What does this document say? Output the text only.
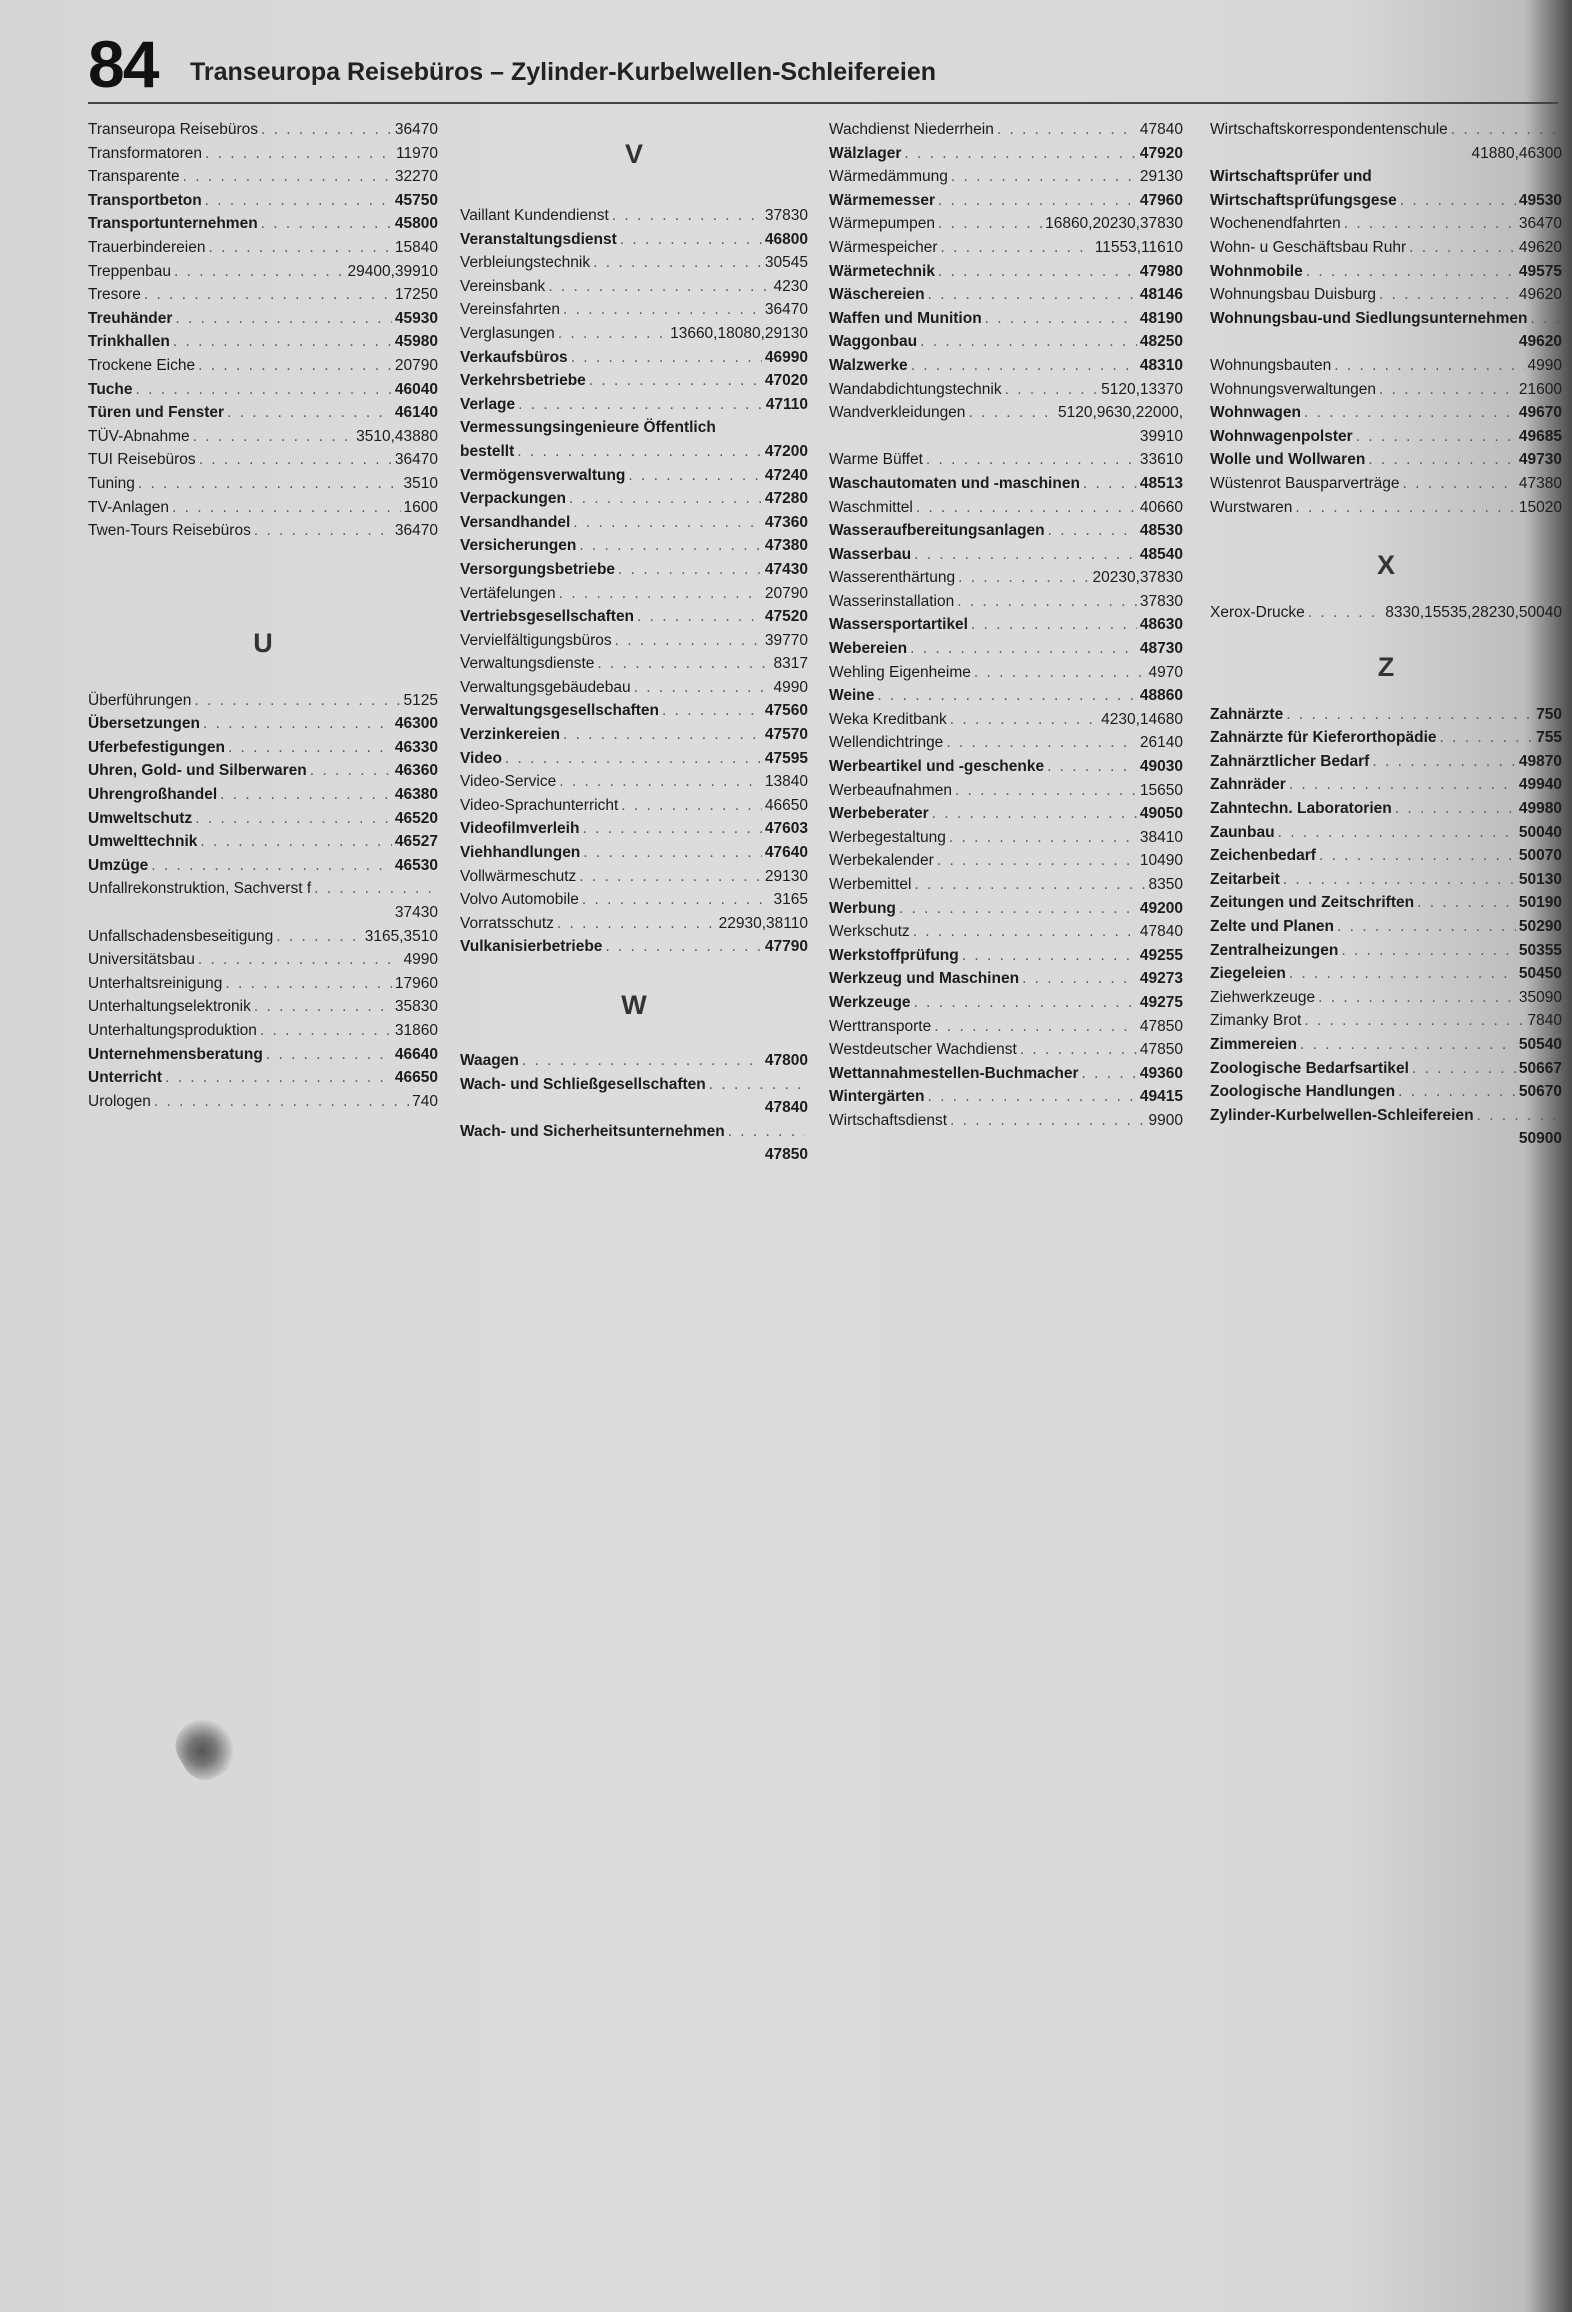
84 Transeuropa Reisebüros – Zylinder-Kurbelwellen-Schleifereien
Transeuropa Reisebüros . . .	36470
Transformatoren . . .	11970
Transparente . . .	32270
Transportbeton . . .	45750
Transportunternehmen . . .	45800
Trauerbindereien . . .	15840
Treppenbau . . .	29400,39910
Tresore . . .	17250
Treuhänder . . .	45930
Trinkhallen . . .	45980
Trockene Eiche . . .	20790
Tuche . . .	46040
Türen und Fenster . . .	46140
TÜV-Abnahme . . .	3510,43880
TUI Reisebüros . . .	36470
Tuning . . .	3510
TV-Anlagen . . .	1600
Twen-Tours Reisebüros . . .	36470
U
Überführungen . . .	5125
Übersetzungen . . .	46300
Uferbefestigungen . . .	46330
Uhren, Gold- und Silberwaren . . .	46360
Uhrengroßhandel . . .	46380
Umweltschutz . . .	46520
Umwelttechnik . . .	46527
Umzüge . . .	46530
Unfallrekonstruktion, Sachverst f
. . .
37430
Unfallschadensbeseitigung . . .	3165,3510
Universitätsbau . . .	4990
Unterhaltsreinigung . . .	17960
Unterhaltungselektronik . . .	35830
Unterhaltungsproduktion . . .	31860
Unternehmensberatung . . .	46640
Unterricht . . .	46650
Urologen . . .	740
V
Vaillant Kundendienst . . .	37830
Veranstaltungsdienst . . .	46800
Verbleiungstechnik . . .	30545
Vereinsbank . . .	4230
Vereinsfahrten . . .	36470
Verglasungen . . .	13660,18080,29130
Verkaufsbüros . . .	46990
Verkehrsbetriebe . . .	47020
Verlage . . .	47110
Vermessungsingenieure Öffentlich
bestellt . . .	47200
Vermögensverwaltung . . .	47240
Verpackungen . . .	47280
Versandhandel . . .	47360
Versicherungen . . .	47380
Versorgungsbetriebe . . .	47430
Vertäfelungen . . .	20790
Vertriebsgesellschaften . . .	47520
Vervielfältigungsbüros . . .	39770
Verwaltungsdienste . . .	8317
Verwaltungsgebäudebau . . .	4990
Verwaltungsgesellschaften . . .	47560
Verzinkereien . . .	47570
Video . . .	47595
Video-Service . . .	13840
Video-Sprachunterricht . . .	46650
Videofilmverleih . . .	47603
Viehhandlungen . . .	47640
Vollwärmeschutz . . .	29130
Volvo Automobile . . .	3165
Vorratsschutz . . .	22930,38110
Vulkanisierbetriebe . . .	47790
W
Waagen . . .	47800
Wach- und Schließgesellschaften
. . .
47840
Wach- und Sicherheitsunternehmen
. . .
47850
Wachdienst Niederrhein . . .	47840
Wälzlager . . .	47920
Wärmedämmung . . .	29130
Wärmemesser . . .	47960
Wärmepumpen . . .	16860,20230,37830
Wärmespeicher . . .	11553,11610
Wärmetechnik . . .	47980
Wäschereien . . .	48146
Waffen und Munition . . .	48190
Waggonbau . . .	48250
Walzwerke . . .	48310
Wandabdichtungstechnik . . .	5120,13370
Wandverkleidungen . . .	5120,9630,22000,
39910
Warme Büffet . . .	33610
Waschautomaten und -maschinen . . .	48513
Waschmittel . . .	40660
Wasseraufbereitungsanlagen . . .	48530
Wasserbau . . .	48540
Wasserenthärtung . . .	20230,37830
Wasserinstallation . . .	37830
Wassersportartikel . . .	48630
Webereien . . .	48730
Wehling Eigenheime . . .	4970
Weine . . .	48860
Weka Kreditbank . . .	4230,14680
Wellendichtringe . . .	26140
Werbeartikel und -geschenke . . .	49030
Werbeaufnahmen . . .	15650
Werbeberater . . .	49050
Werbegestaltung . . .	38410
Werbekalender . . .	10490
Werbemittel . . .	8350
Werbung . . .	49200
Werkschutz . . .	47840
Werkstoffprüfung . . .	49255
Werkzeug und Maschinen . . .	49273
Werkzeuge . . .	49275
Werttransporte . . .	47850
Westdeutscher Wachdienst . . .	47850
Wettannahmestellen-Buchmacher . . .	49360
Wintergärten . . .	49415
Wirtschaftsdienst . . .	9900
Wirtschaftskorrespondentenschule
. . .
41880,46300
Wirtschaftsprüfer und
Wirtschaftsprüfungsgese . . .	49530
Wochenendfahrten . . .	36470
Wohn- u Geschäftsbau Ruhr . . .	49620
Wohnmobile . . .	49575
Wohnungsbau Duisburg . . .	49620
Wohnungsbau-und Siedlungsunternehmen
. . .
49620
Wohnungsbauten . . .	4990
Wohnungsverwaltungen . . .	21600
Wohnwagen . . .	49670
Wohnwagenpolster . . .	49685
Wolle und Wollwaren . . .	49730
Wüstenrot Bausparverträge . . .	47380
Wurstwaren . . .	15020
X
Xerox-Drucke . . .	8330,15535,28230,50040
Z
Zahnärzte . . .	750
Zahnärzte für Kieferorthopädie . . .	755
Zahnärztlicher Bedarf . . .	49870
Zahnräder . . .	49940
Zahntechn. Laboratorien . . .	49980
Zaunbau . . .	50040
Zeichenbedarf . . .	50070
Zeitarbeit . . .	50130
Zeitungen und Zeitschriften . . .	50190
Zelte und Planen . . .	50290
Zentralheizungen . . .	50355
Ziegeleien . . .	50450
Ziehwerkzeuge . . .	35090
Zimanky Brot . . .	7840
Zimmereien . . .	50540
Zoologische Bedarfsartikel . . .	50667
Zoologische Handlungen . . .	50670
Zylinder-Kurbelwellen-Schleifereien
. . .
50900
